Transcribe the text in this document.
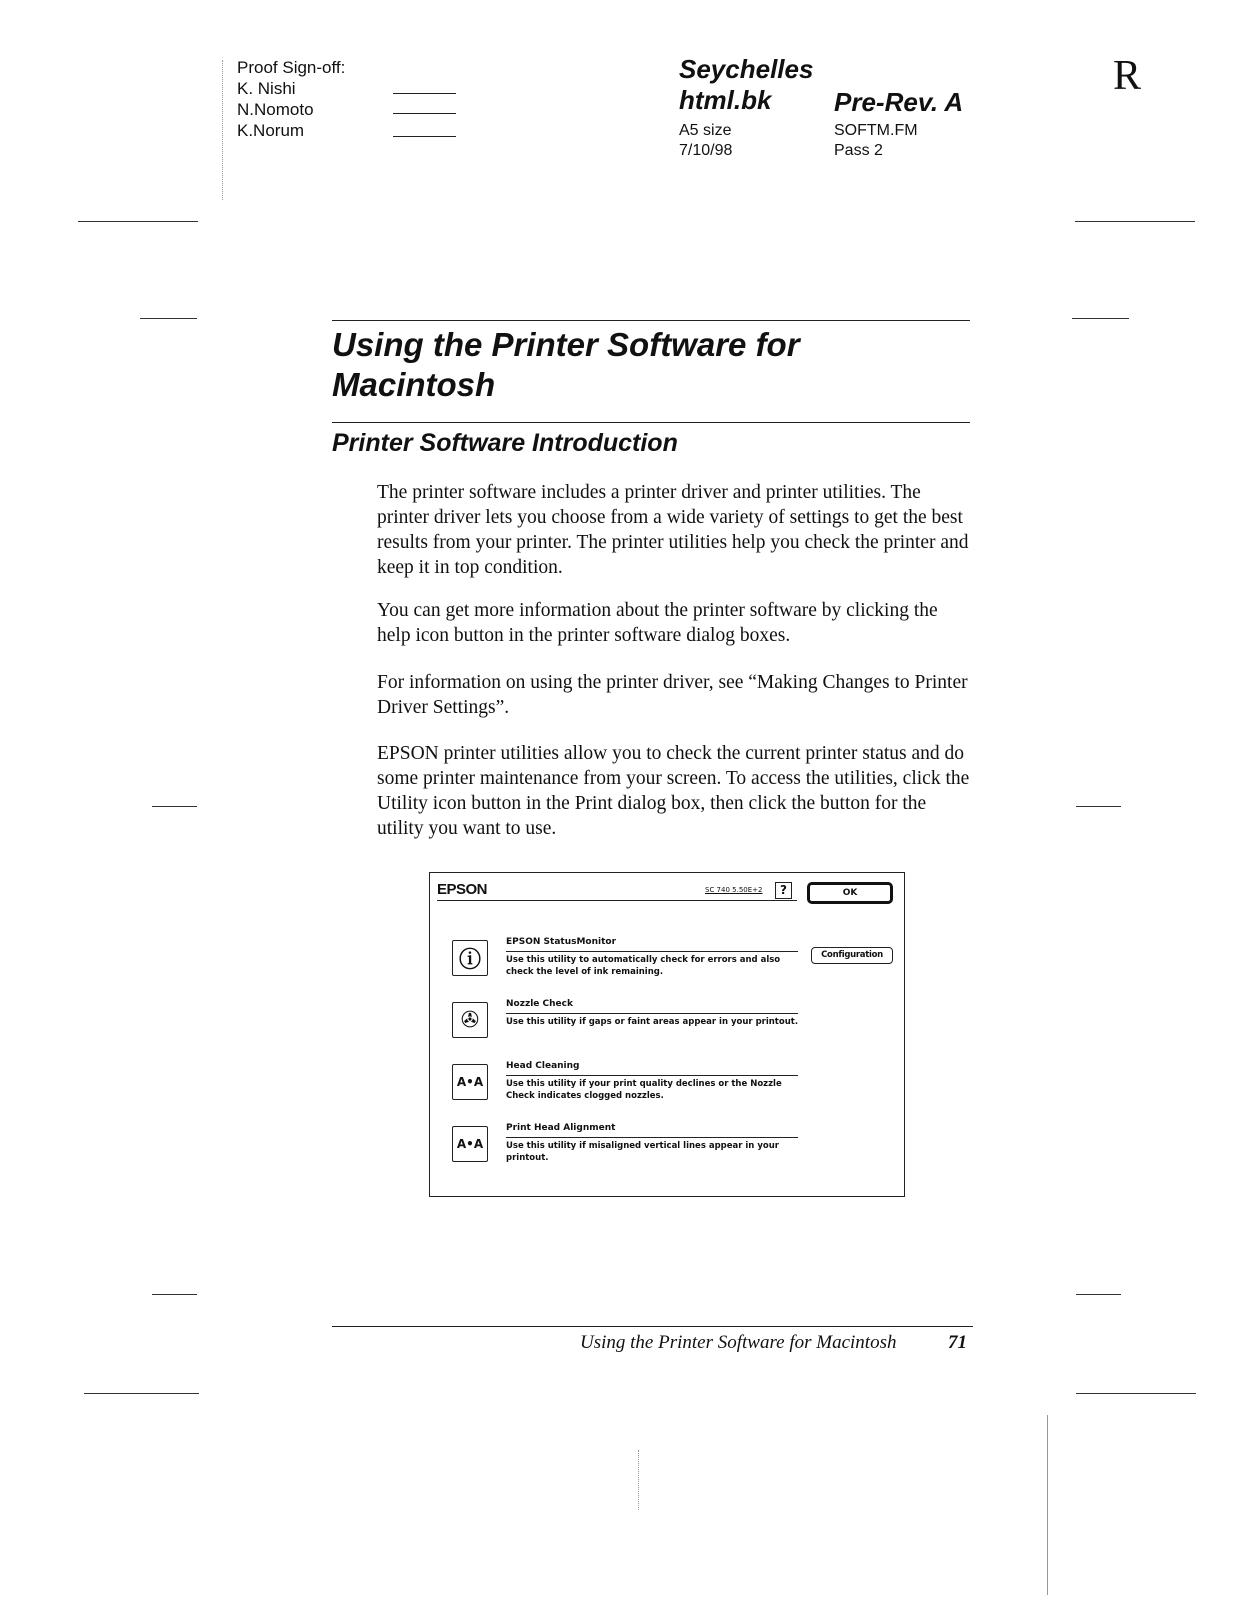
Proof Sign-off:
K. Nishi
N.Nomoto
K.Norum
Seychelles
html.bk Pre-Rev. A
A5 size
7/10/98
SOFTM.FM
Pass 2
R
Using the Printer Software for Macintosh
Printer Software Introduction
The printer software includes a printer driver and printer utilities. The printer driver lets you choose from a wide variety of settings to get the best results from your printer. The printer utilities help you check the printer and keep it in top condition.
You can get more information about the printer software by clicking the help icon button in the printer software dialog boxes.
For information on using the printer driver, see “Making Changes to Printer Driver Settings”.
EPSON printer utilities allow you to check the current printer status and do some printer maintenance from your screen. To access the utilities, click the Utility icon button in the Print dialog box, then click the button for the utility you want to use.
EPSON	SC 740 5.50E+2	?	OK
Configuration
ⓘ
EPSON StatusMonitor
Use this utility to automatically check for errors and also check the level of ink remaining.
✇
Nozzle Check
Use this utility if gaps or faint areas appear in your printout.
A•A
Head Cleaning
Use this utility if your print quality declines or the Nozzle Check indicates clogged nozzles.
A•A
Print Head Alignment
Use this utility if misaligned vertical lines appear in your printout.
Using the Printer Software for Macintosh	71
